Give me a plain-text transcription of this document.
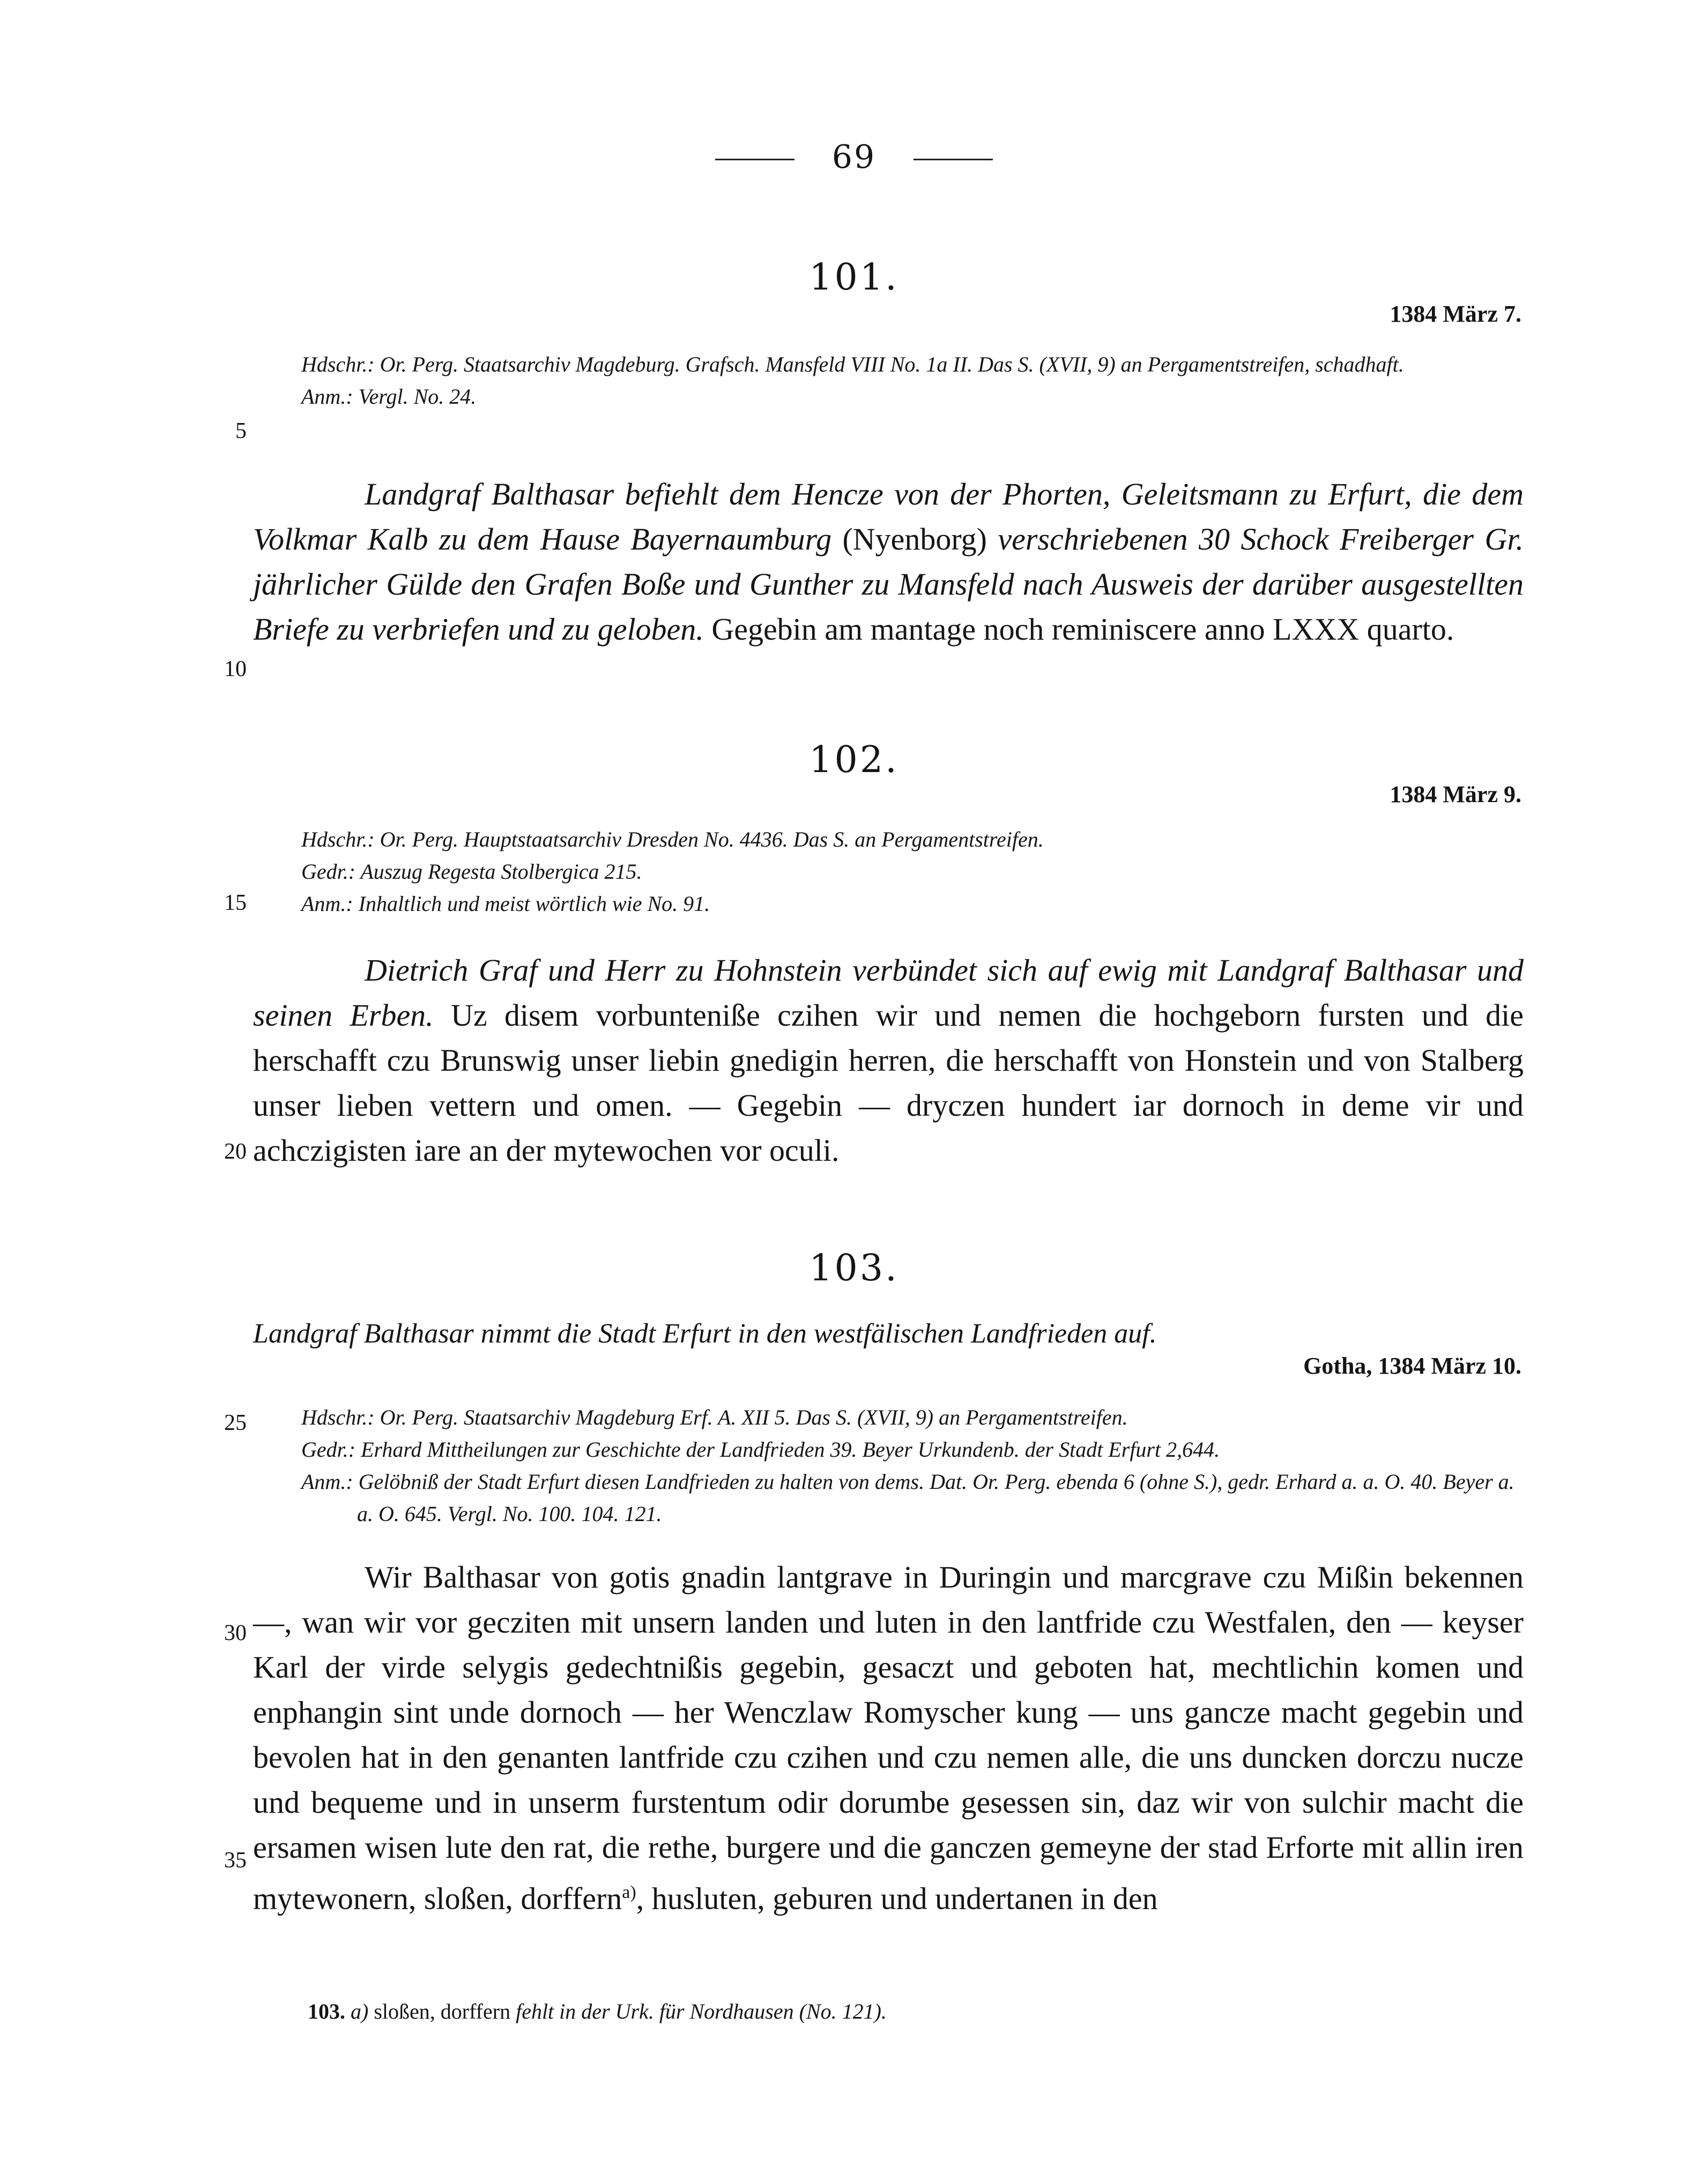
69
101.
1384 März 7.

Hdschr.: Or. Perg. Staatsarchiv Magdeburg. Grafsch. Mansfeld VIII No. 1a II. Das S. (XVII, 9) an Pergamentstreifen, schadhaft.

Anm.: Vergl. No. 24.

Landgraf Balthasar befiehlt dem Hencze von der Phorten, Geleitsmann zu Erfurt, die dem Volkmar Kalb zu dem Hause Bayernaumburg (Nyenborg) verschriebenen 30 Schock Freiberger Gr. jährlicher Gülde den Grafen Boße und Gunther zu Mansfeld nach Ausweis der darüber ausgestellten Briefe zu verbriefen und zu geloben. Gegebin am mantage noch reminiscere anno LXXX quarto.
102.
1384 März 9.

Hdschr.: Or. Perg. Hauptstaatsarchiv Dresden No. 4436. Das S. an Pergamentstreifen.

Gedr.: Auszug Regesta Stolbergica 215.

Anm.: Inhaltlich und meist wörtlich wie No. 91.

Dietrich Graf und Herr zu Hohnstein verbündet sich auf ewig mit Landgraf Balthasar und seinen Erben. Uz disem vorbunteniße czihen wir und nemen die hochgeborn fursten und die herschafft czu Brunswig unser liebin gnedigin herren, die herschafft von Honstein und von Stalberg unser lieben vettern und omen. — Gegebin — dryczen hundert iar dornoch in deme vir und achczigisten iare an der mytewochen vor oculi.
103.
Landgraf Balthasar nimmt die Stadt Erfurt in den westfälischen Landfrieden auf.
Gotha, 1384 März 10.

Hdschr.: Or. Perg. Staatsarchiv Magdeburg Erf. A. XII 5. Das S. (XVII, 9) an Pergamentstreifen.

Gedr.: Erhard Mittheilungen zur Geschichte der Landfrieden 39. Beyer Urkundenb. der Stadt Erfurt 2,644.

Anm.: Gelöbniß der Stadt Erfurt diesen Landfrieden zu halten von dems. Dat. Or. Perg. ebenda 6 (ohne S.), gedr. Erhard a. a. O. 40. Beyer a. a. O. 645. Vergl. No. 100. 104. 121.

Wir Balthasar von gotis gnadin lantgrave in Duringin und marcgrave czu Mißin bekennen —, wan wir vor gecziten mit unsern landen und luten in den lantfride czu Westfalen, den — keyser Karl der virde selygis gedechtnißis gegebin, gesaczt und geboten hat, mechtlichin komen und enphangin sint unde dornoch — her Wenczlaw Romyscher kung — uns gancze macht gegebin und bevolen hat in den genanten lantfride czu czihen und czu nemen alle, die uns duncken dorczu nucze und bequeme und in unserm furstentum odir dorumbe gesessen sin, daz wir von sulchir macht die ersamen wisen lute den rat, die rethe, burgere und die ganczen gemeyne der stad Erforte mit allin iren mytewonern, sloßen, dorffern$^{a)}$, husluten, geburen und undertanen in den
5
10
15
20
25
30
35
103. a) sloßen, dorffern fehlt in der Urk. für Nordhausen (No. 121).
